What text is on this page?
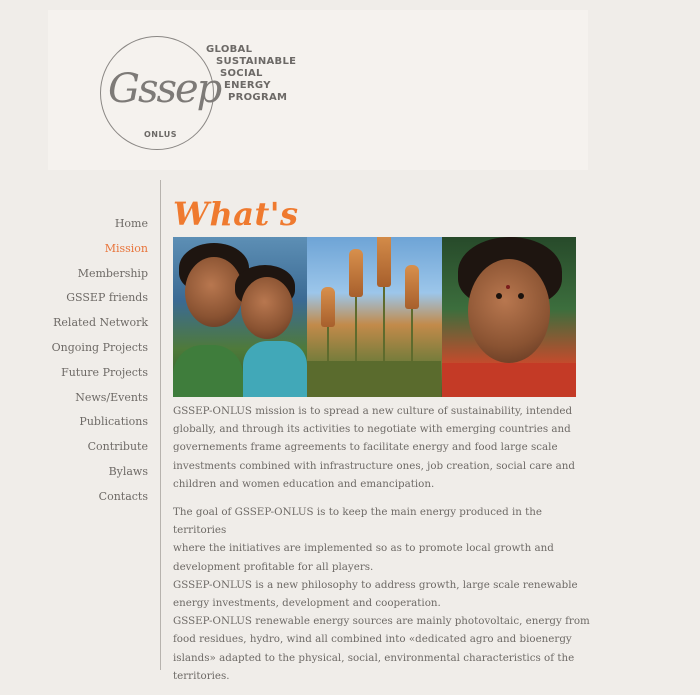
Gssep
ONLUS
GLOBAL
SUSTAINABLE
SOCIAL
ENERGY
PROGRAM
Home
Mission
Membership
GSSEP friends
Related Network
Ongoing Projects
Future Projects
News/Events
Publications
Contribute
Bylaws
Contacts
What's

GSSEP-ONLUS mission is to spread a new culture of sustainability, intended
globally, and through its activities to negotiate with emerging countries and
governements frame agreements to facilitate energy and food large scale
investments combined with infrastructure ones, job creation, social care and
children and women education and emancipation.

The goal of GSSEP-ONLUS is to keep the main energy produced in the territories
where the initiatives are implemented so as to promote local growth and
development profitable for all players.
GSSEP-ONLUS is a new philosophy to address growth, large scale renewable
energy investments, development and cooperation.
GSSEP-ONLUS renewable energy sources are mainly photovoltaic, energy from
food residues, hydro, wind all combined into «dedicated agro and bioenergy
islands» adapted to the physical, social, environmental characteristics of the
territories.
